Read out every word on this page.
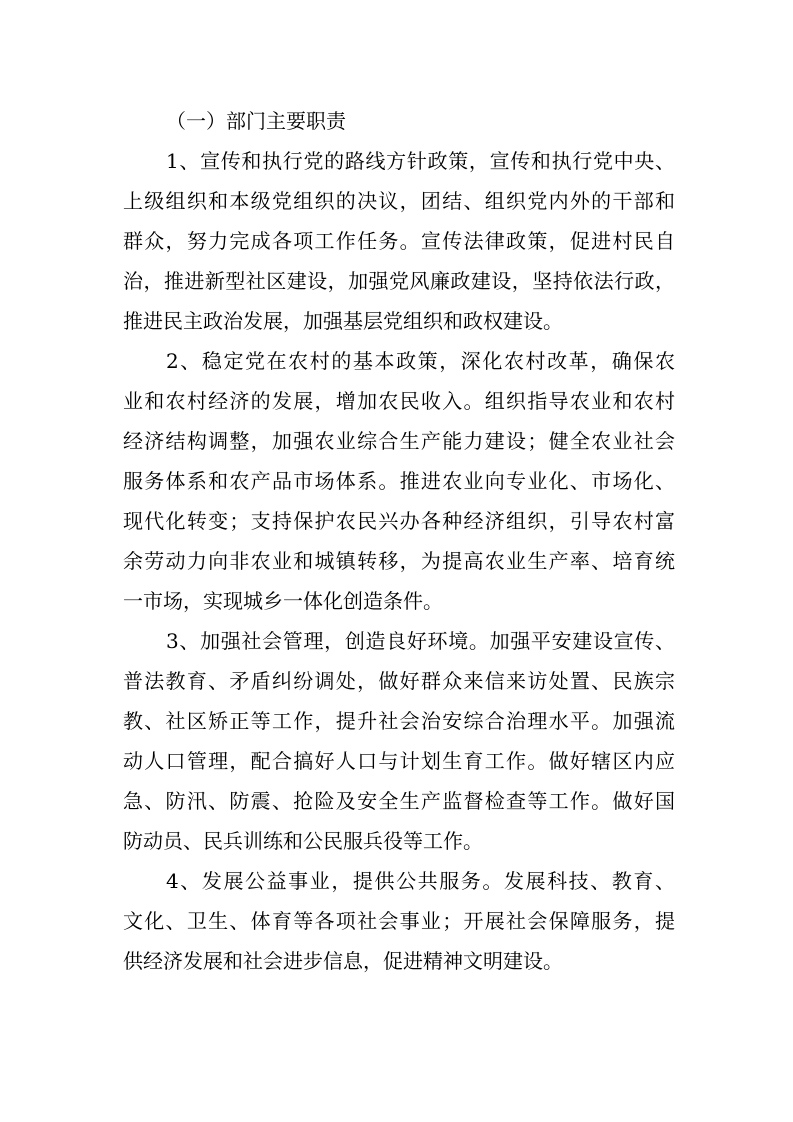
（一）部门主要职责
1、宣传和执行党的路线方针政策，宣传和执行党中央、
上级组织和本级党组织的决议，团结、组织党内外的干部和
群众，努力完成各项工作任务。宣传法律政策，促进村民自
治，推进新型社区建设，加强党风廉政建设，坚持依法行政，
推进民主政治发展，加强基层党组织和政权建设。
2、稳定党在农村的基本政策，深化农村改革，确保农
业和农村经济的发展，增加农民收入。组织指导农业和农村
经济结构调整，加强农业综合生产能力建设；健全农业社会
服务体系和农产品市场体系。推进农业向专业化、市场化、
现代化转变；支持保护农民兴办各种经济组织，引导农村富
余劳动力向非农业和城镇转移，为提高农业生产率、培育统
一市场，实现城乡一体化创造条件。
3、加强社会管理，创造良好环境。加强平安建设宣传、
普法教育、矛盾纠纷调处，做好群众来信来访处置、民族宗
教、社区矫正等工作，提升社会治安综合治理水平。加强流
动人口管理，配合搞好人口与计划生育工作。做好辖区内应
急、防汛、防震、抢险及安全生产监督检查等工作。做好国
防动员、民兵训练和公民服兵役等工作。
4、发展公益事业，提供公共服务。发展科技、教育、
文化、卫生、体育等各项社会事业；开展社会保障服务，提
供经济发展和社会进步信息，促进精神文明建设。
